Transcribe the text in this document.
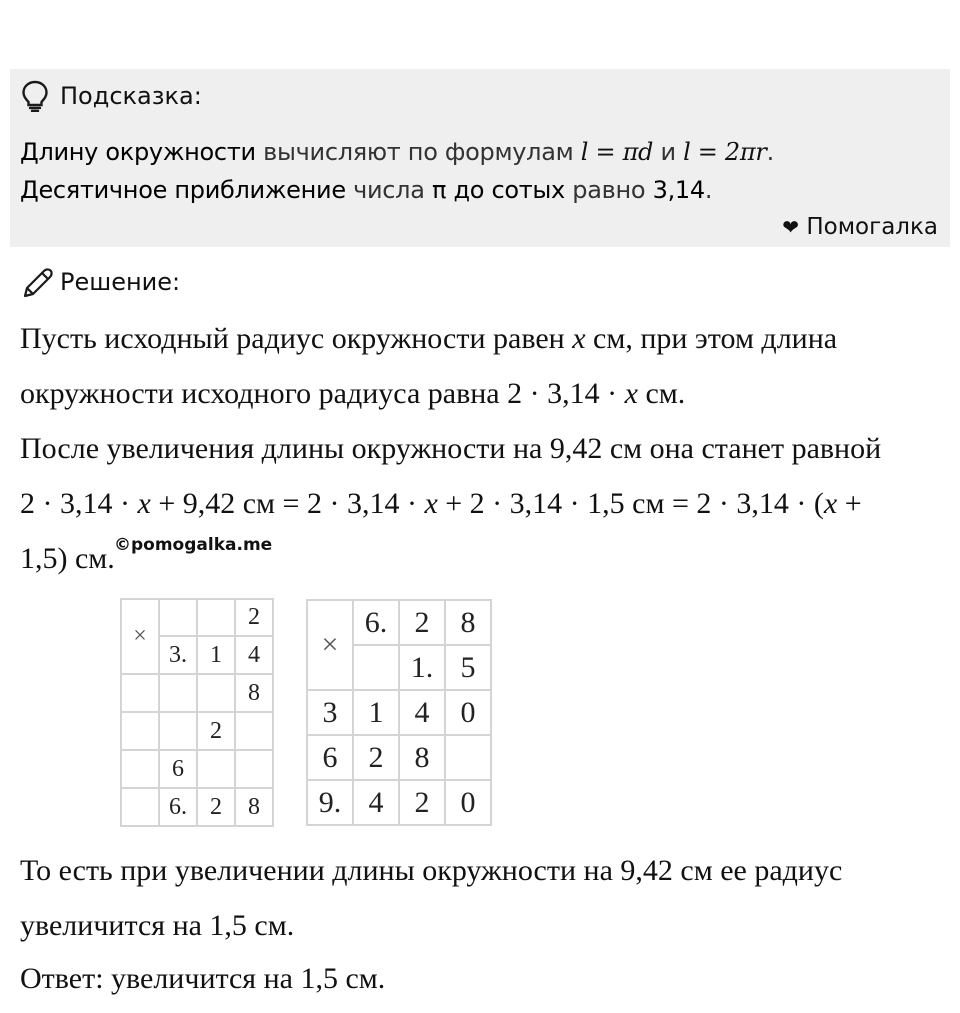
Подсказка:
Длину окружности вычисляют по формулам l = πd и l = 2πr.
Десятичное приближение числа π до сотых равно 3,14.
❤ Помогалка
Решение:
Пусть исходный радиус окружности равен x см, при этом длина
окружности исходного радиуса равна 2 · 3,14 · x см.
После увеличения длины окружности на 9,42 см она станет равной
2 · 3,14 · x + 9,42 см = 2 · 3,14 · x + 2 · 3,14 · 1,5 см = 2 · 3,14 · (x +
1,5) см. ©pomogalka.me
×			2
	3.	1	4
			8
		2	
	6		
	6.	2	8
×	6.	2	8
		1.	5
3	1	4	0
6	2	8	
9.	4	2	0
То есть при увеличении длины окружности на 9,42 см ее радиус
увеличится на 1,5 см.
Ответ: увеличится на 1,5 см.
